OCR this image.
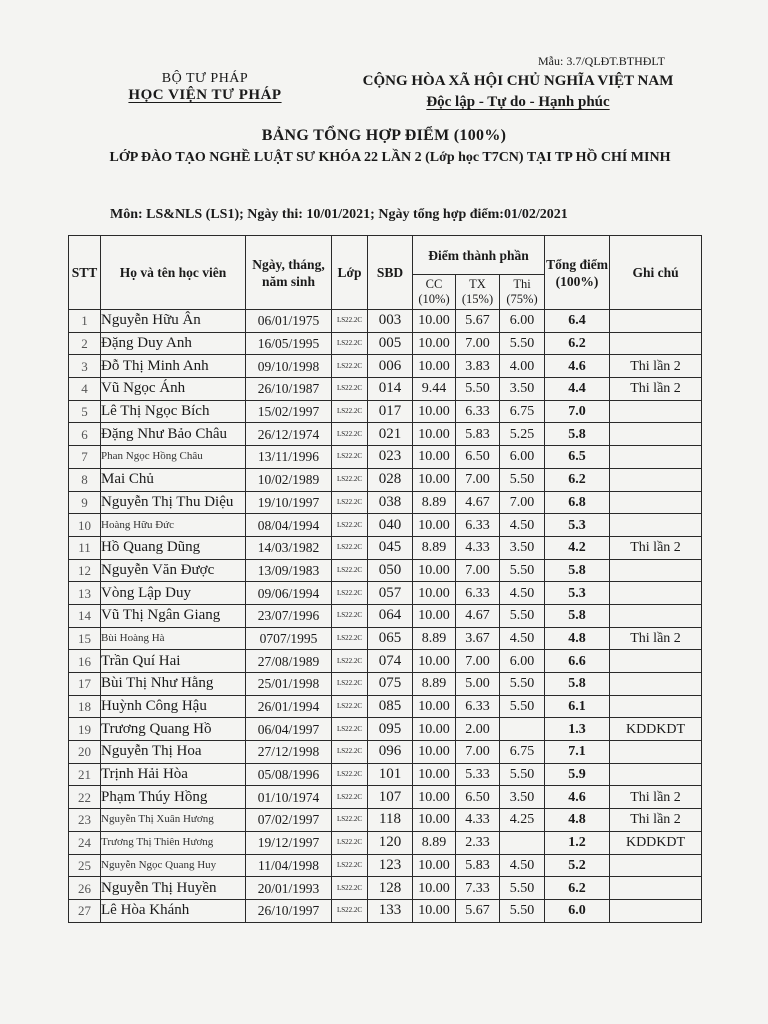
Mẫu: 3.7/QLĐT.BTHĐLT
BỘ TƯ PHÁP
HỌC VIỆN TƯ PHÁP
CỘNG HÒA XÃ HỘI CHỦ NGHĨA VIỆT NAM
Độc lập - Tự do - Hạnh phúc
BẢNG TỔNG HỢP ĐIỂM (100%)
LỚP ĐÀO TẠO NGHỀ LUẬT SƯ KHÓA 22 LẦN 2 (Lớp học T7CN) TẠI TP HỒ CHÍ MINH
Môn: LS&NLS (LS1); Ngày thi: 10/01/2021; Ngày tổng hợp điểm:01/02/2021
STT	Họ và tên học viên	Ngày, tháng, năm sinh	Lớp	SBD	Điểm thành phần			Tổng điểm (100%)	Ghi chú
					CC (10%)	TX (15%)	Thi (75%)		
1	Nguyễn Hữu Ân	06/01/1975	LS22.2C	003	10.00	5.67	6.00	6.4	
2	Đặng Duy Anh	16/05/1995	LS22.2C	005	10.00	7.00	5.50	6.2	
3	Đỗ Thị Minh Anh	09/10/1998	LS22.2C	006	10.00	3.83	4.00	4.6	Thi lần 2
4	Vũ Ngọc Ánh	26/10/1987	LS22.2C	014	9.44	5.50	3.50	4.4	Thi lần 2
5	Lê Thị Ngọc Bích	15/02/1997	LS22.2C	017	10.00	6.33	6.75	7.0	
6	Đặng Như Bảo Châu	26/12/1974	LS22.2C	021	10.00	5.83	5.25	5.8	
7	Phan Ngọc Hồng Châu	13/11/1996	LS22.2C	023	10.00	6.50	6.00	6.5	
8	Mai Chủ	10/02/1989	LS22.2C	028	10.00	7.00	5.50	6.2	
9	Nguyễn Thị Thu Diệu	19/10/1997	LS22.2C	038	8.89	4.67	7.00	6.8	
10	Hoàng Hữu Đức	08/04/1994	LS22.2C	040	10.00	6.33	4.50	5.3	
11	Hồ Quang Dũng	14/03/1982	LS22.2C	045	8.89	4.33	3.50	4.2	Thi lần 2
12	Nguyễn Văn Được	13/09/1983	LS22.2C	050	10.00	7.00	5.50	5.8	
13	Vòng Lập Duy	09/06/1994	LS22.2C	057	10.00	6.33	4.50	5.3	
14	Vũ Thị Ngân Giang	23/07/1996	LS22.2C	064	10.00	4.67	5.50	5.8	
15	Bùi Hoàng Hà	0707/1995	LS22.2C	065	8.89	3.67	4.50	4.8	Thi lần 2
16	Trần Quí Hai	27/08/1989	LS22.2C	074	10.00	7.00	6.00	6.6	
17	Bùi Thị Như Hằng	25/01/1998	LS22.2C	075	8.89	5.00	5.50	5.8	
18	Huỳnh Công Hậu	26/01/1994	LS22.2C	085	10.00	6.33	5.50	6.1	
19	Trương Quang Hồ	06/04/1997	LS22.2C	095	10.00	2.00		1.3	KDDKDT
20	Nguyễn Thị Hoa	27/12/1998	LS22.2C	096	10.00	7.00	6.75	7.1	
21	Trịnh Hải Hòa	05/08/1996	LS22.2C	101	10.00	5.33	5.50	5.9	
22	Phạm Thúy Hồng	01/10/1974	LS22.2C	107	10.00	6.50	3.50	4.6	Thi lần 2
23	Nguyễn Thị Xuân Hương	07/02/1997	LS22.2C	118	10.00	4.33	4.25	4.8	Thi lần 2
24	Trương Thị Thiên Hương	19/12/1997	LS22.2C	120	8.89	2.33		1.2	KDDKDT
25	Nguyễn Ngọc Quang Huy	11/04/1998	LS22.2C	123	10.00	5.83	4.50	5.2	
26	Nguyễn Thị Huyền	20/01/1993	LS22.2C	128	10.00	7.33	5.50	6.2	
27	Lê Hòa Khánh	26/10/1997	LS22.2C	133	10.00	5.67	5.50	6.0	
